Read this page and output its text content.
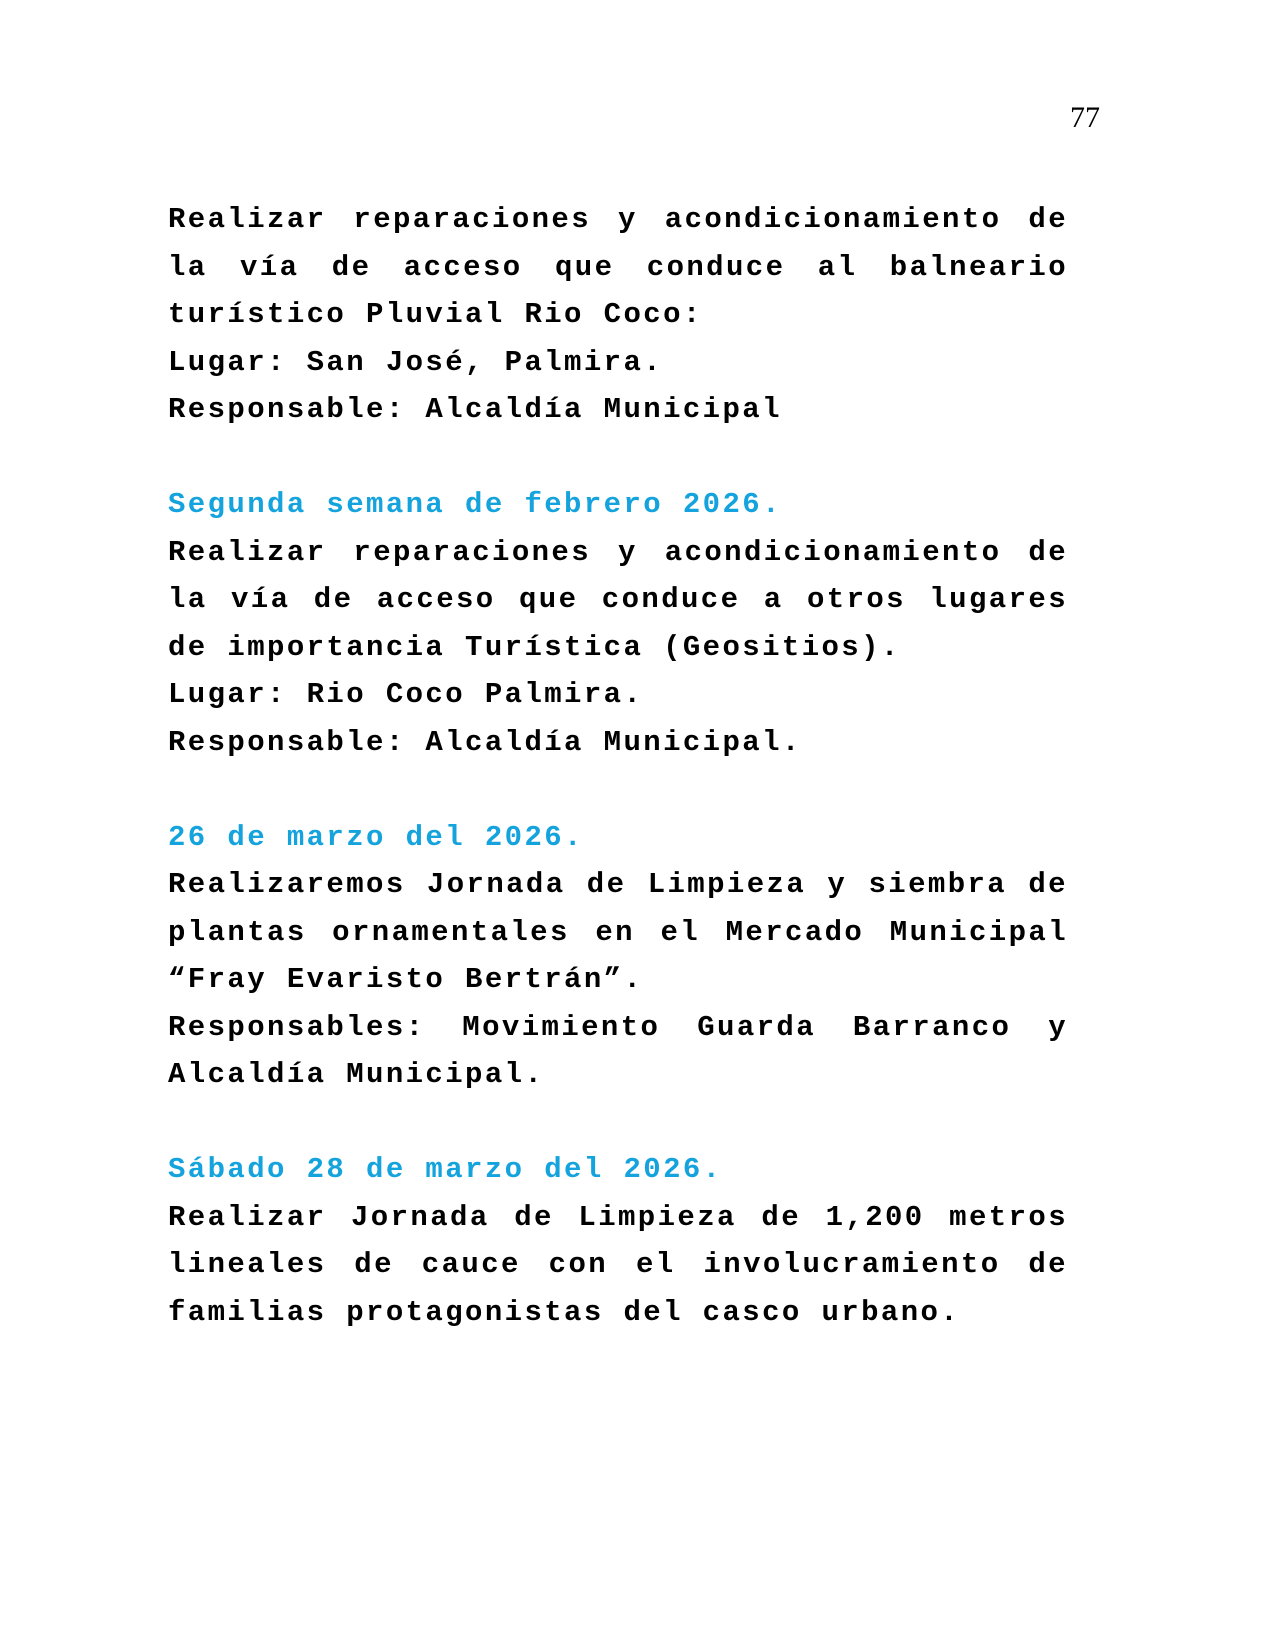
77
Realizar reparaciones y acondicionamiento de
la vía de acceso que conduce al balneario
turístico Pluvial Rio Coco:
Lugar: San José, Palmira.
Responsable: Alcaldía Municipal
Segunda semana de febrero 2026.
Realizar reparaciones y acondicionamiento de
la vía de acceso que conduce a otros lugares
de importancia Turística (Geositios).
Lugar: Rio Coco Palmira.
Responsable: Alcaldía Municipal.
26 de marzo del 2026.
Realizaremos Jornada de Limpieza y siembra de
plantas ornamentales en el Mercado Municipal
“Fray Evaristo Bertrán”.
Responsables: Movimiento Guarda Barranco y
Alcaldía Municipal.
Sábado 28 de marzo del 2026.
Realizar Jornada de Limpieza de 1,200 metros
lineales de cauce con el involucramiento de
familias protagonistas del casco urbano.
